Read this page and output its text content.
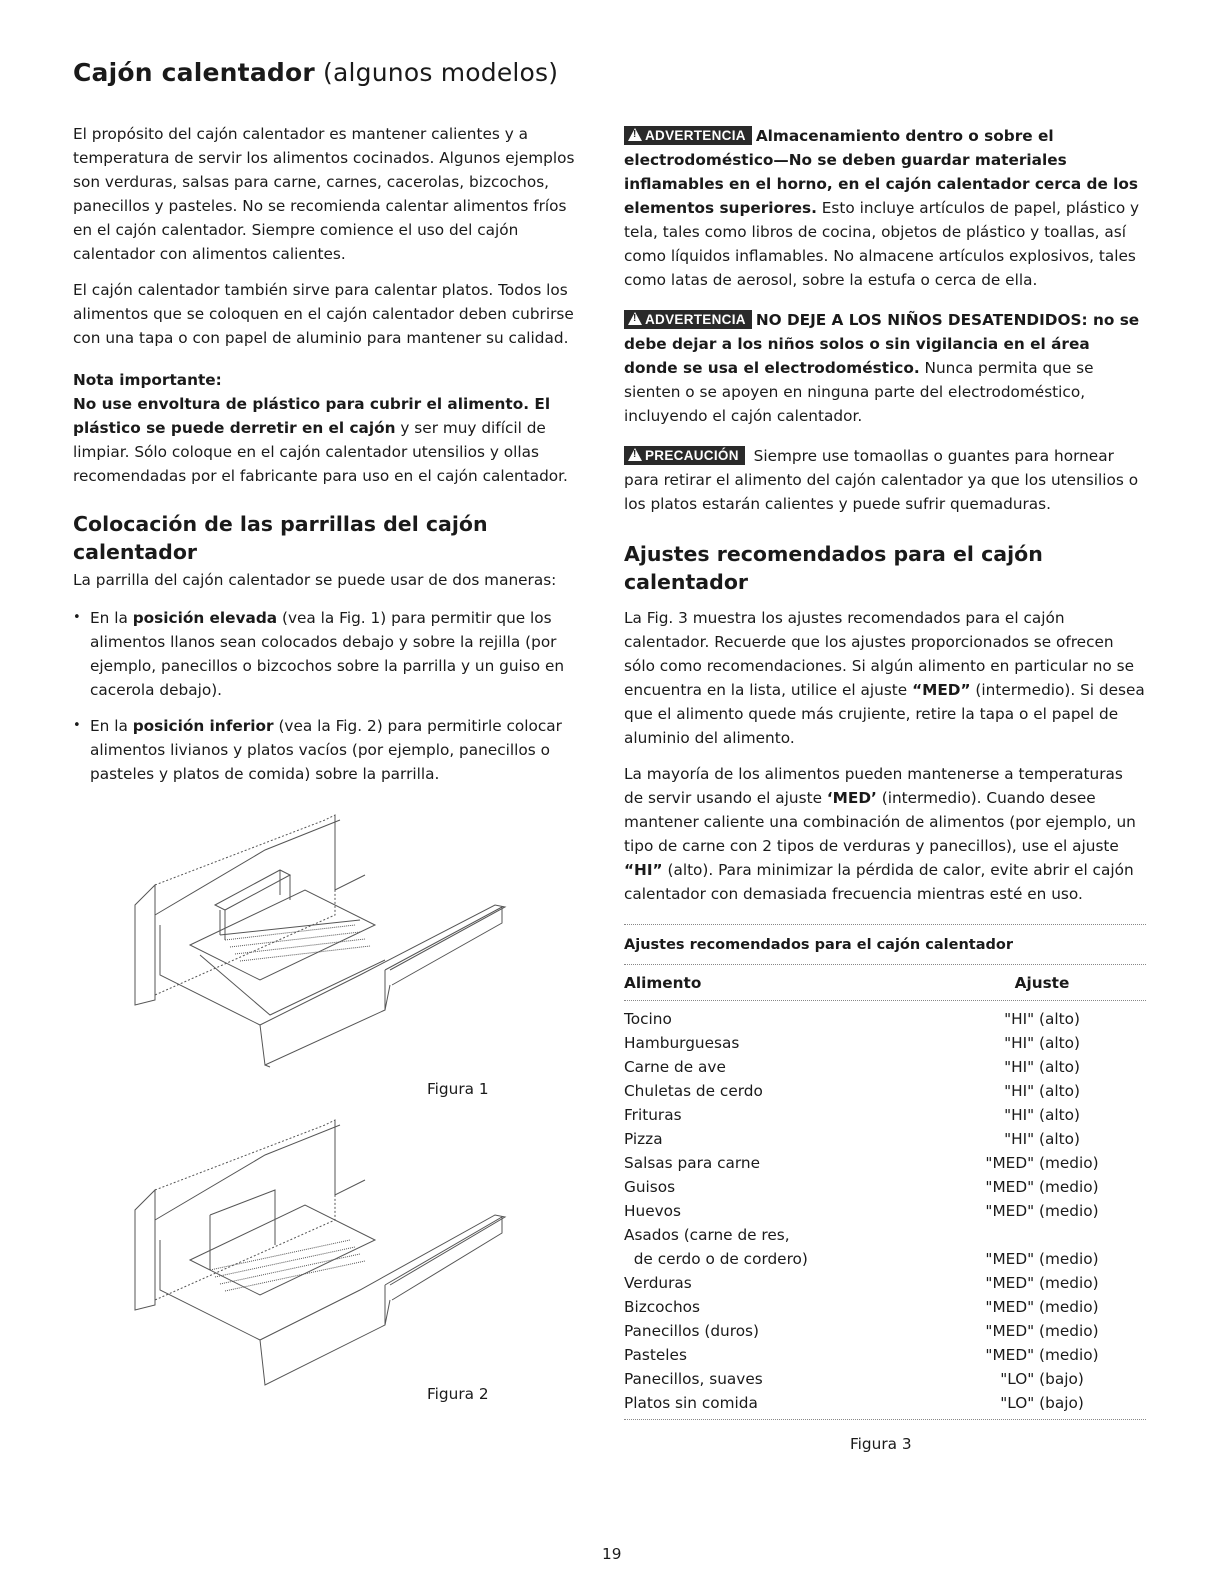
Cajón calentador (algunos modelos)

El propósito del cajón calentador es mantener calientes y a temperatura de servir los alimentos cocinados. Algunos ejemplos son verduras, salsas para carne, carnes, cacerolas, bizcochos, panecillos y pasteles. No se recomienda calentar alimentos fríos en el cajón calentador. Siempre comience el uso del cajón calentador con alimentos calientes.

El cajón calentador también sirve para calentar platos. Todos los alimentos que se coloquen en el cajón calentador deben cubrirse con una tapa o con papel de aluminio para mantener su calidad.

Nota importante:
No use envoltura de plástico para cubrir el alimento. El plástico se puede derretir en el cajón y ser muy difícil de limpiar. Sólo coloque en el cajón calentador utensilios y ollas recomendadas por el fabricante para uso en el cajón calentador.

Colocación de las parrillas del cajón calentador
La parrilla del cajón calentador se puede usar de dos maneras:
• En la posición elevada (vea la Fig. 1) para permitir que los alimentos llanos sean colocados debajo y sobre la rejilla (por ejemplo, panecillos o bizcochos sobre la parrilla y un guiso en cacerola debajo).
• En la posición inferior (vea la Fig. 2) para permitirle colocar alimentos livianos y platos vacíos (por ejemplo, panecillos o pasteles y platos de comida) sobre la parrilla.
Figura 1
Figura 2

!ADVERTENCIA Almacenamiento dentro o sobre el electrodoméstico—No se deben guardar materiales inflamables en el horno, en el cajón calentador cerca de los elementos superiores. Esto incluye artículos de papel, plástico y tela, tales como libros de cocina, objetos de plástico y toallas, así como líquidos inflamables. No almacene artículos explosivos, tales como latas de aerosol, sobre la estufa o cerca de ella.

!ADVERTENCIA NO DEJE A LOS NIÑOS DESATENDIDOS: no se debe dejar a los niños solos o sin vigilancia en el área donde se usa el electrodoméstico. Nunca permita que se sienten o se apoyen en ninguna parte del electrodoméstico, incluyendo el cajón calentador.

!PRECAUCIÓN Siempre use tomaollas o guantes para hornear para retirar el alimento del cajón calentador ya que los utensilios o los platos estarán calientes y puede sufrir quemaduras.

Ajustes recomendados para el cajón calentador

La Fig. 3 muestra los ajustes recomendados para el cajón calentador. Recuerde que los ajustes proporcionados se ofrecen sólo como recomendaciones. Si algún alimento en particular no se encuentra en la lista, utilice el ajuste “MED” (intermedio). Si desea que el alimento quede más crujiente, retire la tapa o el papel de aluminio del alimento.

La mayoría de los alimentos pueden mantenerse a temperaturas de servir usando el ajuste ‘MED’ (intermedio). Cuando desee mantener caliente una combinación de alimentos (por ejemplo, un tipo de carne con 2 tipos de verduras y panecillos), use el ajuste “HI” (alto). Para minimizar la pérdida de calor, evite abrir el cajón calentador con demasiada frecuencia mientras esté en uso.

Ajustes recomendados para el cajón calentador
Alimento	Ajuste
Tocino	"HI" (alto)
Hamburguesas	"HI" (alto)
Carne de ave	"HI" (alto)
Chuletas de cerdo	"HI" (alto)
Frituras	"HI" (alto)
Pizza	"HI" (alto)
Salsas para carne	"MED" (medio)
Guisos	"MED" (medio)
Huevos	"MED" (medio)
Asados (carne de res,
de cerdo o de cordero)	"MED" (medio)
Verduras	"MED" (medio)
Bizcochos	"MED" (medio)
Panecillos (duros)	"MED" (medio)
Pasteles	"MED" (medio)
Panecillos, suaves	"LO" (bajo)
Platos sin comida	"LO" (bajo)
Figura 3
19
